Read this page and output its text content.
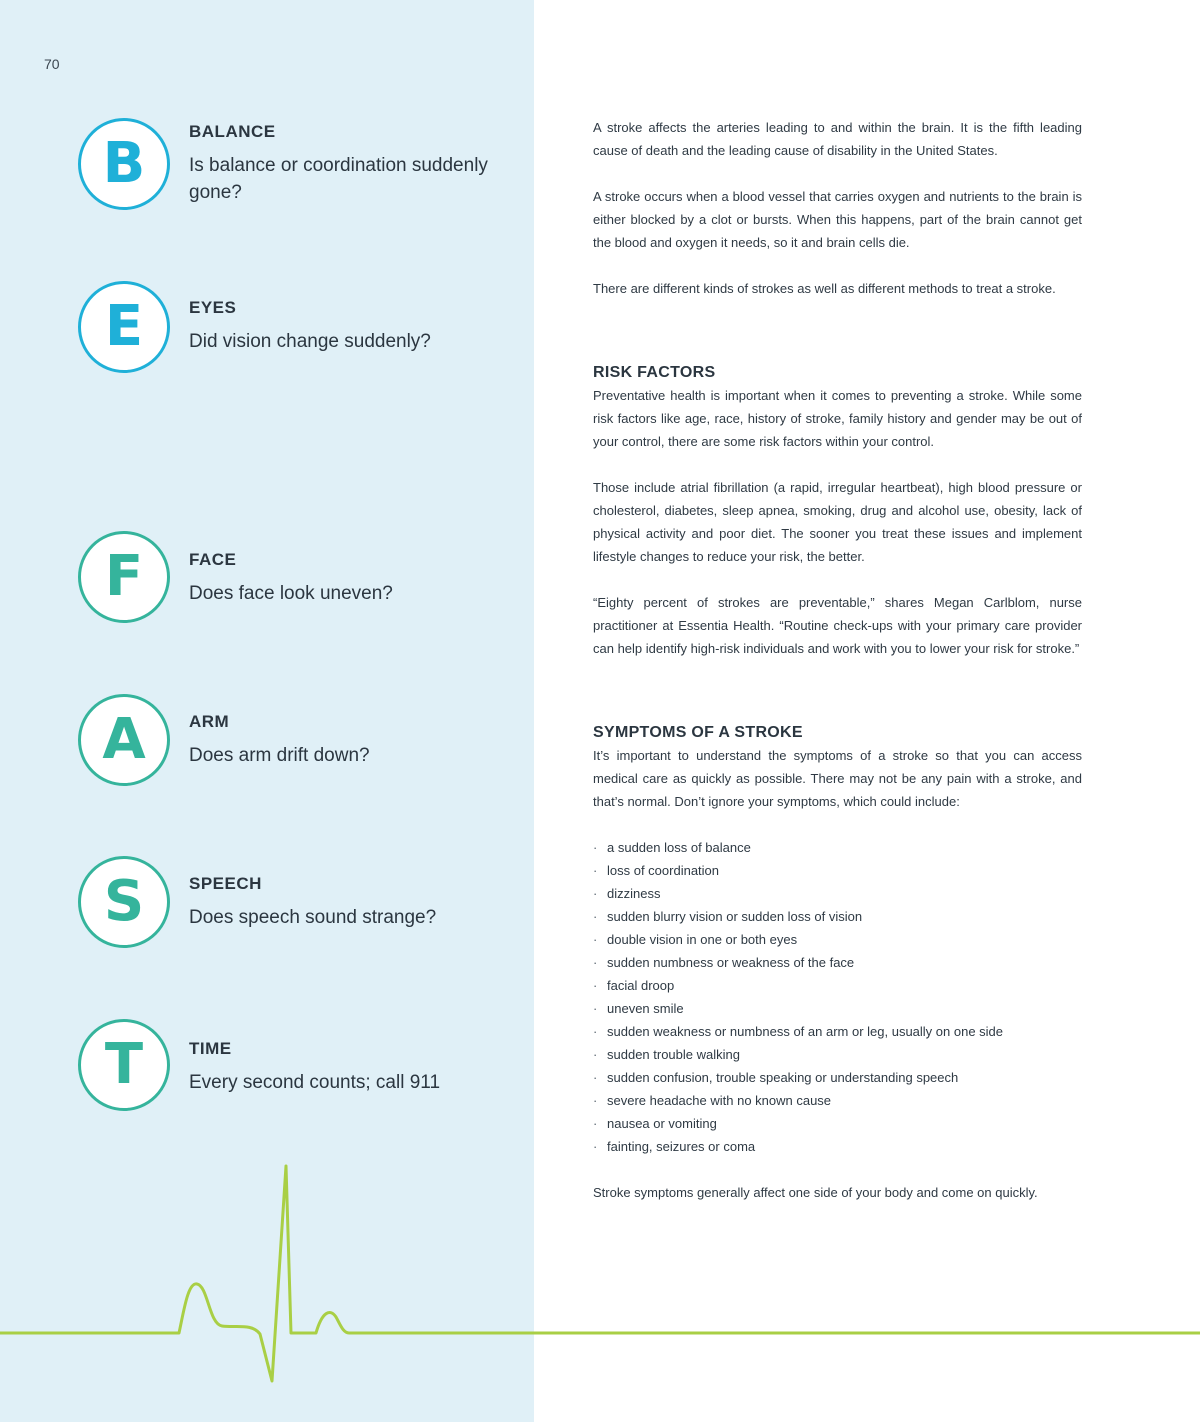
70
B	BALANCE
Is balance or coordination suddenly gone?
E	EYES
Did vision change suddenly?
F	FACE
Does face look uneven?
A	ARM
Does arm drift down?
S	SPEECH
Does speech sound strange?
T	TIME
Every second counts; call 911

A stroke affects the arteries leading to and within the brain. It is the fifth leading cause of death and the leading cause of disability in the United States.

A stroke occurs when a blood vessel that carries oxygen and nutrients to the brain is either blocked by a clot or bursts. When this happens, part of the brain cannot get the blood and oxygen it needs, so it and brain cells die.

There are different kinds of strokes as well as different methods to treat a stroke.

RISK FACTORS

Preventative health is important when it comes to preventing a stroke. While some risk factors like age, race, history of stroke, family history and gender may be out of your control, there are some risk factors within your control.

Those include atrial fibrillation (a rapid, irregular heartbeat), high blood pressure or cholesterol, diabetes, sleep apnea, smoking, drug and alcohol use, obesity, lack of physical activity and poor diet. The sooner you treat these issues and implement lifestyle changes to reduce your risk, the better.

“Eighty percent of strokes are preventable,” shares Megan Carlblom, nurse practitioner at Essentia Health. “Routine check-ups with your primary care provider can help identify high-risk individuals and work with you to lower your risk for stroke.”

SYMPTOMS OF A STROKE

It’s important to understand the symptoms of a stroke so that you can access medical care as quickly as possible. There may not be any pain with a stroke, and that’s normal. Don’t ignore your symptoms, which could include:

· a sudden loss of balance
· loss of coordination
· dizziness
· sudden blurry vision or sudden loss of vision
· double vision in one or both eyes
· sudden numbness or weakness of the face
· facial droop
· uneven smile
· sudden weakness or numbness of an arm or leg, usually on one side
· sudden trouble walking
· sudden confusion, trouble speaking or understanding speech
· severe headache with no known cause
· nausea or vomiting
· fainting, seizures or coma

Stroke symptoms generally affect one side of your body and come on quickly.
